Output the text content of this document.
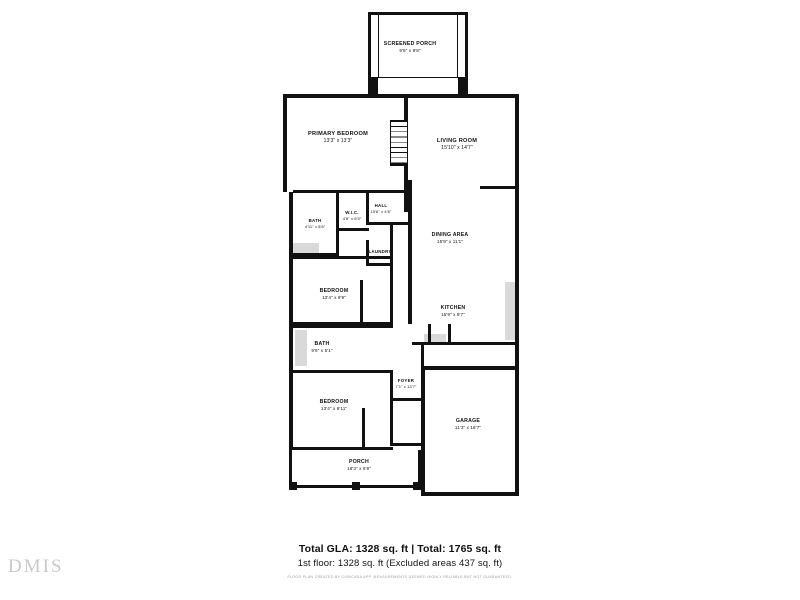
SCREENED PORCH
9'5" x 9'8"
PRIMARY BEDROOM
13'3" x 13'3"	LIVING ROOM
15'10" x 14'7"
BATH
4'11" x 8'6"
W.I.C.
4'8" x 6'5"
HALL
15'6" x 4'6"
DINING AREA
15'9" x 11'1"
LAUNDRY
3'2" x 3'3"
BEDROOM
13'4" x 9'9"
KITCHEN
15'9" x 9'7"
BATH
9'9" x 5'1"
FOYER
7'1" x 13'7"
BEDROOM
13'4" x 9'11"
GARAGE
11'3" x 18'7"
PORCH
18'3" x 6'9"
Total GLA: 1328 sq. ft | Total: 1765 sq. ft
1st floor: 1328 sq. ft (Excluded areas 437 sq. ft)
FLOOR PLAN CREATED BY CUBICASA APP. MEASUREMENTS DEEMED HIGHLY RELIABLE BUT NOT GUARANTEED.
DMIS
